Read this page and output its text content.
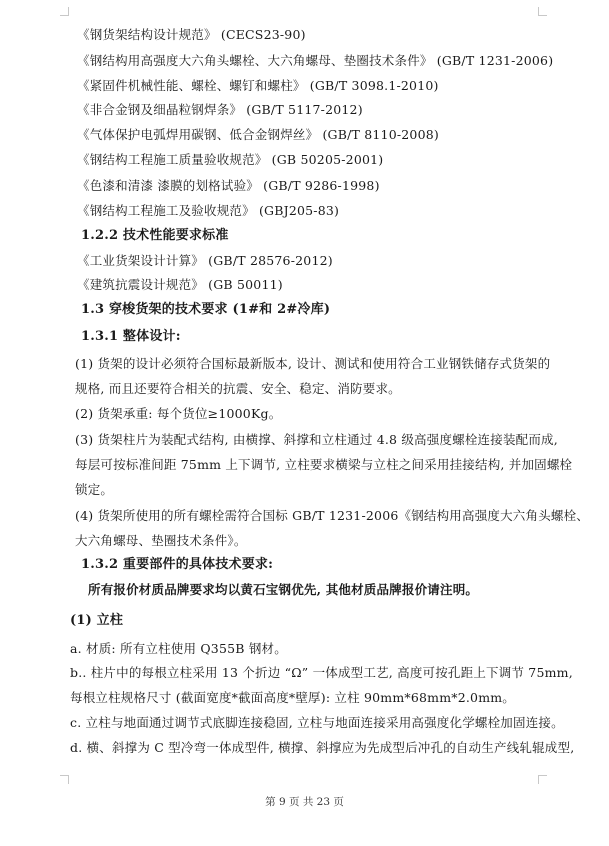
《钢货架结构设计规范》 (CECS23-90)
《钢结构用高强度大六角头螺栓、大六角螺母、垫圈技术条件》 (GB/T 1231-2006)
《紧固件机械性能、螺栓、螺钉和螺柱》 (GB/T 3098.1-2010)
《非合金钢及细晶粒钢焊条》 (GB/T 5117-2012)
《气体保护电弧焊用碳钢、低合金钢焊丝》 (GB/T 8110-2008)
《钢结构工程施工质量验收规范》 (GB 50205-2001)
《色漆和清漆 漆膜的划格试验》 (GB/T 9286-1998)
《钢结构工程施工及验收规范》 (GBJ205-83)
1.2.2 技术性能要求标准
《工业货架设计计算》 (GB/T 28576-2012)
《建筑抗震设计规范》 (GB 50011)
1.3 穿梭货架的技术要求 (1#和 2#冷库)
1.3.1 整体设计:
(1) 货架的设计必须符合国标最新版本, 设计、测试和使用符合工业钢铁储存式货架的
规格, 而且还要符合相关的抗震、安全、稳定、消防要求。
(2) 货架承重: 每个货位≥1000Kg。
(3) 货架柱片为装配式结构, 由横撑、斜撑和立柱通过 4.8 级高强度螺栓连接装配而成,
每层可按标准间距 75mm 上下调节, 立柱要求横梁与立柱之间采用挂接结构, 并加固螺栓
锁定。
(4) 货架所使用的所有螺栓需符合国标 GB/T 1231-2006《钢结构用高强度大六角头螺栓、
大六角螺母、垫圈技术条件》。
1.3.2 重要部件的具体技术要求:
所有报价材质品牌要求均以黄石宝钢优先, 其他材质品牌报价请注明。
(1) 立柱
a. 材质: 所有立柱使用 Q355B 钢材。
b.. 柱片中的每根立柱采用 13 个折边 “Ω” 一体成型工艺, 高度可按孔距上下调节 75mm,
每根立柱规格尺寸 (截面宽度*截面高度*壁厚): 立柱 90mm*68mm*2.0mm。
c. 立柱与地面通过调节式底脚连接稳固, 立柱与地面连接采用高强度化学螺栓加固连接。
d. 横、斜撑为 C 型冷弯一体成型件, 横撑、斜撑应为先成型后冲孔的自动生产线轧辊成型,
第 9 页 共 23 页
